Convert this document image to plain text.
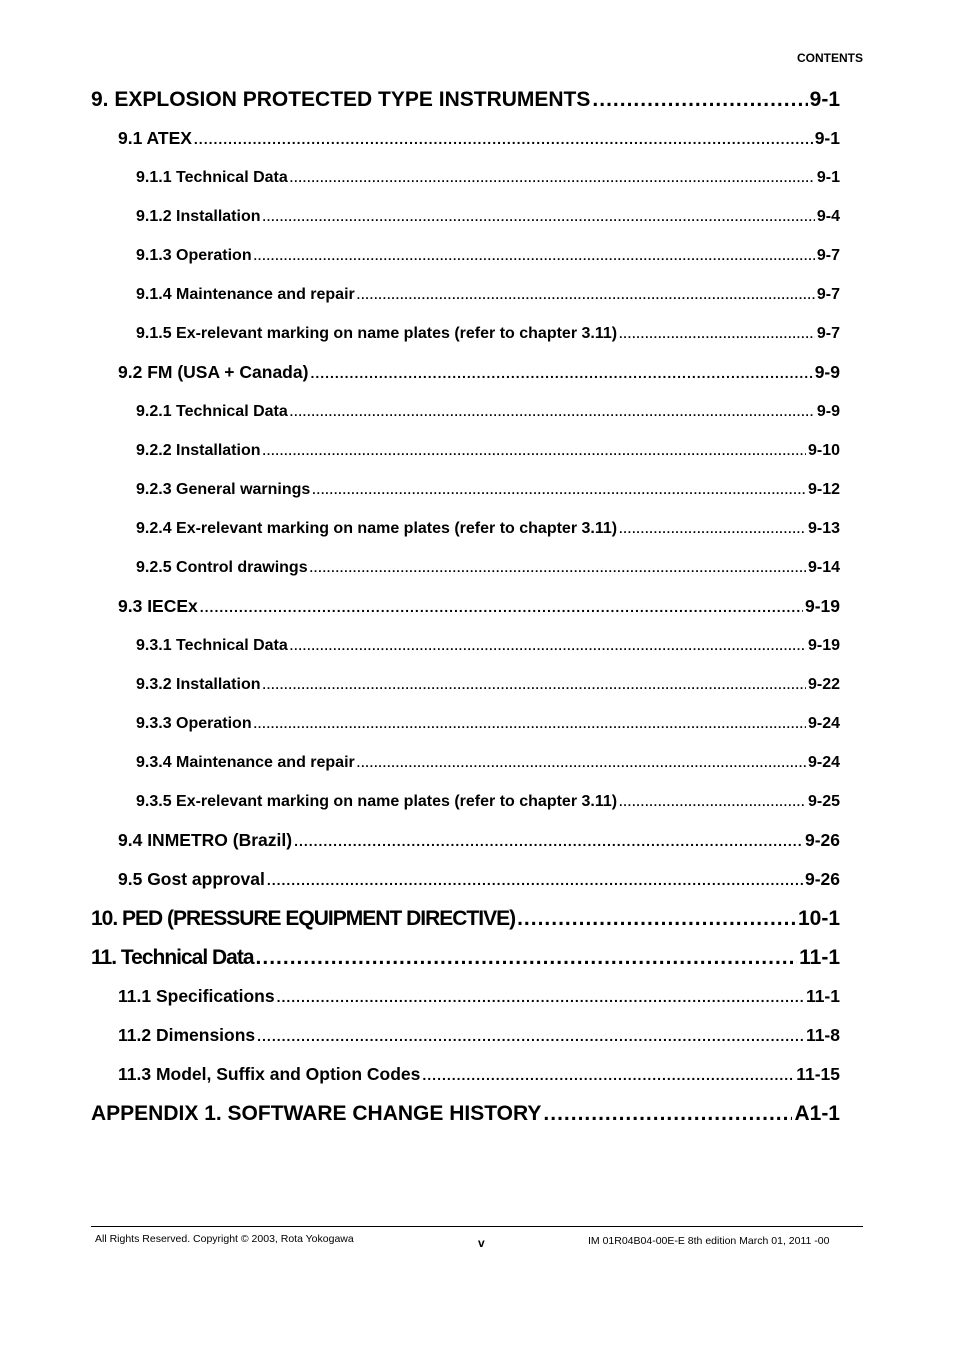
CONTENTS
9. EXPLOSION PROTECTED TYPE INSTRUMENTS .....	9-1
9.1 ATEX .....	9-1
9.1.1 Technical Data .....	9-1
9.1.2 Installation .....	9-4
9.1.3 Operation .....	9-7
9.1.4 Maintenance and repair .....	9-7
9.1.5 Ex-relevant marking on name plates (refer to chapter 3.11) .....	9-7
9.2 FM (USA + Canada) .....	9-9
9.2.1 Technical Data .....	9-9
9.2.2 Installation .....	9-10
9.2.3 General warnings .....	9-12
9.2.4 Ex-relevant marking on name plates (refer to chapter 3.11) .....	9-13
9.2.5 Control drawings .....	9-14
9.3 IECEx .....	9-19
9.3.1 Technical Data .....	9-19
9.3.2 Installation .....	9-22
9.3.3 Operation .....	9-24
9.3.4 Maintenance and repair .....	9-24
9.3.5 Ex-relevant marking on name plates (refer to chapter 3.11) .....	9-25
9.4 INMETRO (Brazil) .....	9-26
9.5 Gost approval .....	9-26
10. PED (PRESSURE EQUIPMENT DIRECTIVE) .....	10-1
11. Technical Data .....	11-1
11.1 Specifications .....	11-1
11.2 Dimensions .....	11-8
11.3 Model, Suffix and Option Codes .....	11-15
APPENDIX 1. SOFTWARE CHANGE HISTORY .....	A1-1
All Rights Reserved. Copyright © 2003, Rota Yokogawa	v	IM 01R04B04-00E-E 8th edition March 01, 2011 -00
